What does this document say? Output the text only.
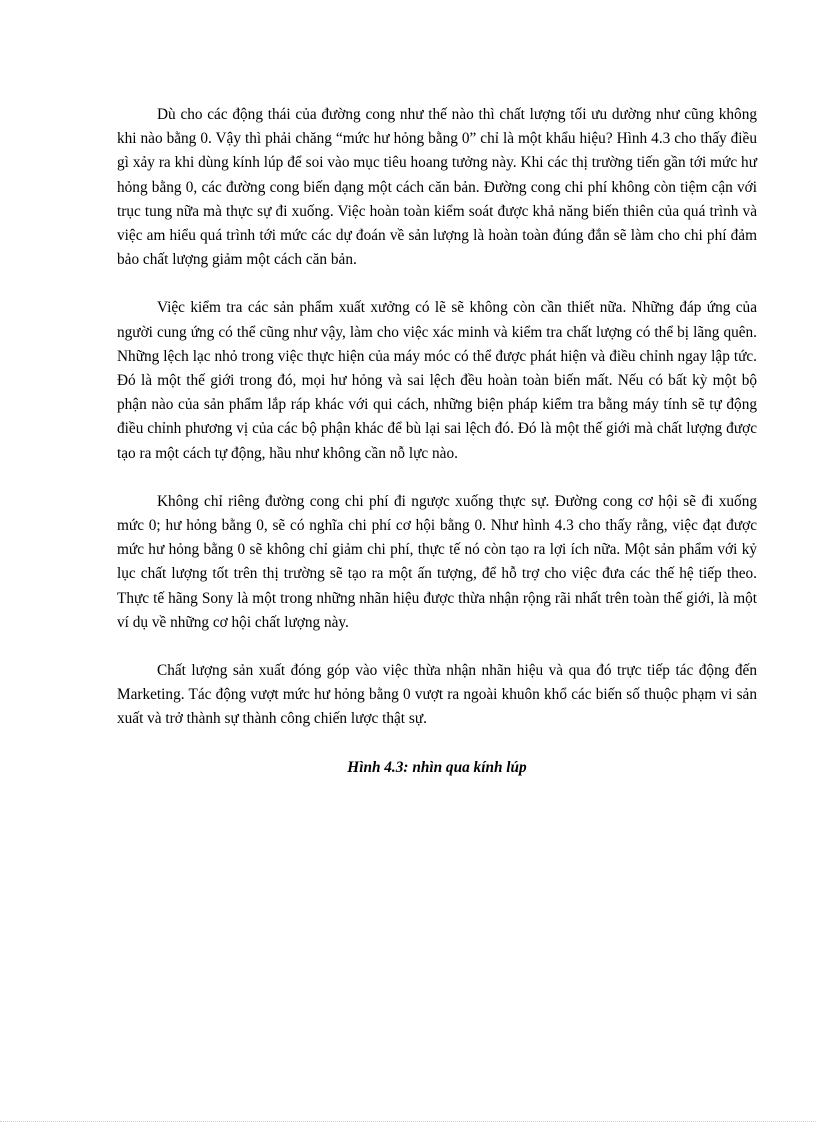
Dù cho các động thái của đường cong như thế nào thì chất lượng tối ưu dường như cũng không khi nào bằng 0. Vậy thì phải chăng “mức hư hỏng bằng 0” chỉ là một khẩu hiệu? Hình 4.3 cho thấy điều gì xảy ra khi dùng kính lúp để soi vào mục tiêu hoang tưởng này. Khi các thị trường tiến gần tới mức hư hỏng bằng 0, các đường cong biến dạng một cách căn bản. Đường cong chi phí không còn tiệm cận với trục tung nữa mà thực sự đi xuống. Việc hoàn toàn kiểm soát được khả năng biến thiên của quá trình và việc am hiểu quá trình tới mức các dự đoán về sản lượng là hoàn toàn đúng đắn sẽ làm cho chi phí đảm bảo chất lượng giảm một cách căn bản.

Việc kiểm tra các sản phẩm xuất xưởng có lẽ sẽ không còn cần thiết nữa. Những đáp ứng của người cung ứng có thể cũng như vậy, làm cho việc xác minh và kiểm tra chất lượng có thể bị lãng quên. Những lệch lạc nhỏ trong việc thực hiện của máy móc có thể được phát hiện và điều chỉnh ngay lập tức. Đó là một thế giới trong đó, mọi hư hỏng và sai lệch đều hoàn toàn biến mất. Nếu có bất kỳ một bộ phận nào của sản phẩm lắp ráp khác với qui cách, những biện pháp kiểm tra bằng máy tính sẽ tự động điều chỉnh phương vị của các bộ phận khác để bù lại sai lệch đó. Đó là một thế giới mà chất lượng được tạo ra một cách tự động, hầu như không cần nỗ lực nào.

Không chỉ riêng đường cong chi phí đi ngược xuống thực sự. Đường cong cơ hội sẽ đi xuống mức 0; hư hỏng bằng 0, sẽ có nghĩa chi phí cơ hội bằng 0. Như hình 4.3 cho thấy rằng, việc đạt được mức hư hỏng bằng 0 sẽ không chỉ giảm chi phí, thực tế nó còn tạo ra lợi ích nữa. Một sản phẩm với kỷ lục chất lượng tốt trên thị trường sẽ tạo ra một ấn tượng, để hỗ trợ cho việc đưa các thế hệ tiếp theo. Thực tế hãng Sony là một trong những nhãn hiệu được thừa nhận rộng rãi nhất trên toàn thế giới, là một ví dụ về những cơ hội chất lượng này.

Chất lượng sản xuất đóng góp vào việc thừa nhận nhãn hiệu và qua đó trực tiếp tác động đến Marketing. Tác động vượt mức hư hỏng bằng 0 vượt ra ngoài khuôn khổ các biến số thuộc phạm vi sản xuất và trở thành sự thành công chiến lược thật sự.

Hình 4.3: nhìn qua kính lúp
